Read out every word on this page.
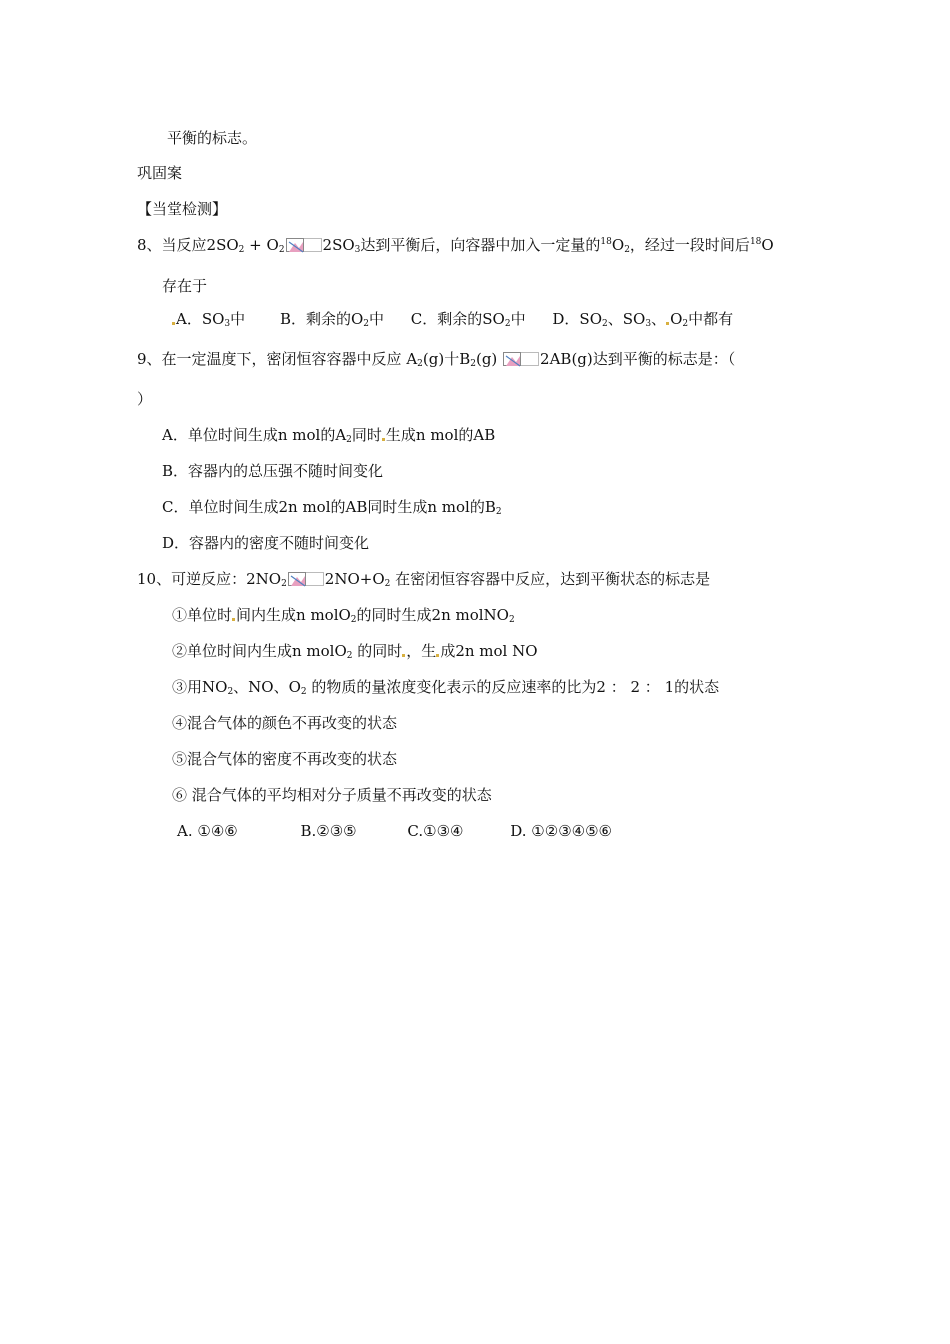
平衡的标志。
巩固案
【当堂检测】
8、当反应$2SO_2 + O_2$	$2SO_3$达到平衡后，向容器中加入一定量的$^{18}O_2$，经过一段时间后$^{18}$O
存在于
A．$SO_3$中 B．剩余的$O_2$中 C．剩余的$SO_2$中 D．$SO_2$、$SO_3$、 $O_2$中都有
9、在一定温度下，密闭恒容容器中反应 $A_2(g)$十$B_2(g)$	2AB(g)达到平衡的标志是：（
）
A．单位时间生成n mol的$A_2$同时 生成n mol的AB
B．容器内的总压强不随时间变化
C．单位时间生成2n mol的AB同时生成n mol的$B_2$
D．容器内的密度不随时间变化
10、可逆反应：$2NO_2$	$2NO+O_2$ 在密闭恒容容器中反应，达到平衡状态的标志是
①单位时 间内生成n molO$_2$的同时生成2n molNO$_2$
②单位时间内生成n molO$_2$ 的同时 ，生 成2n mol NO
③用$NO_2$、NO、$O_2$ 的物质的量浓度变化表示的反应速率的比为2 ： 2 ： 1的状态
④混合气体的颜色不再改变的状态
⑤混合气体的密度不再改变的状态
⑥ 混合气体的平均相对分子质量不再改变的状态
A. ①④⑥	B.②③⑤	C.①③④	D. ①②③④⑤⑥
